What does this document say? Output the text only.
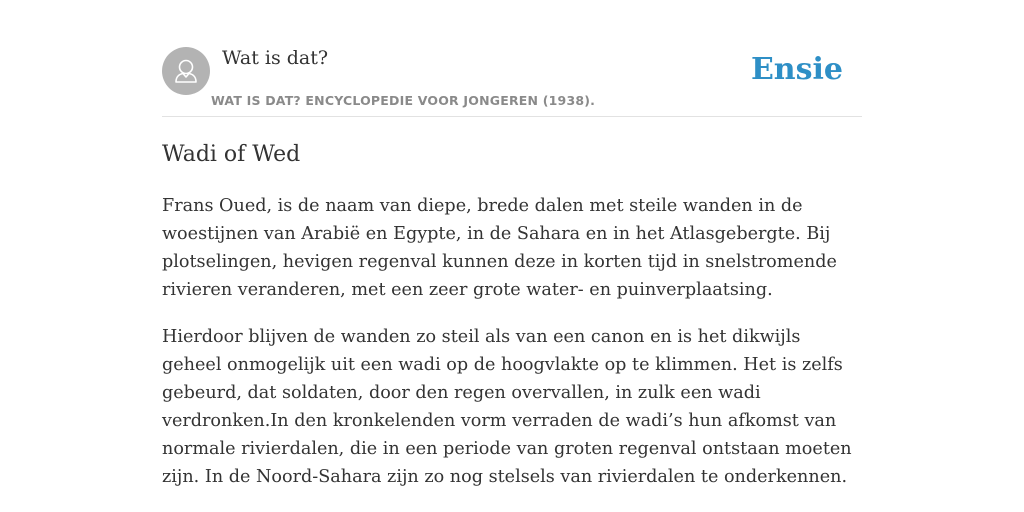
Wat is dat?
WAT IS DAT? ENCYCLOPEDIE VOOR JONGEREN (1938).
Ensie
Wadi of Wed

Frans Oued, is de naam van diepe, brede dalen met steile wanden in de woestijnen van Arabië en Egypte, in de Sahara en in het Atlasgebergte. Bij plotselingen, hevigen regenval kunnen deze in korten tijd in snelstromende rivieren veranderen, met een zeer grote water- en puinverplaatsing.

Hierdoor blijven de wanden zo steil als van een canon en is het dikwijls geheel onmogelijk uit een wadi op de hoogvlakte op te klimmen. Het is zelfs gebeurd, dat soldaten, door den regen overvallen, in zulk een wadi verdronken.In den kronkelenden vorm verraden de wadi’s hun afkomst van normale rivierdalen, die in een periode van groten regenval ontstaan moeten zijn. In de Noord-Sahara zijn zo nog stelsels van rivierdalen te onderkennen.
